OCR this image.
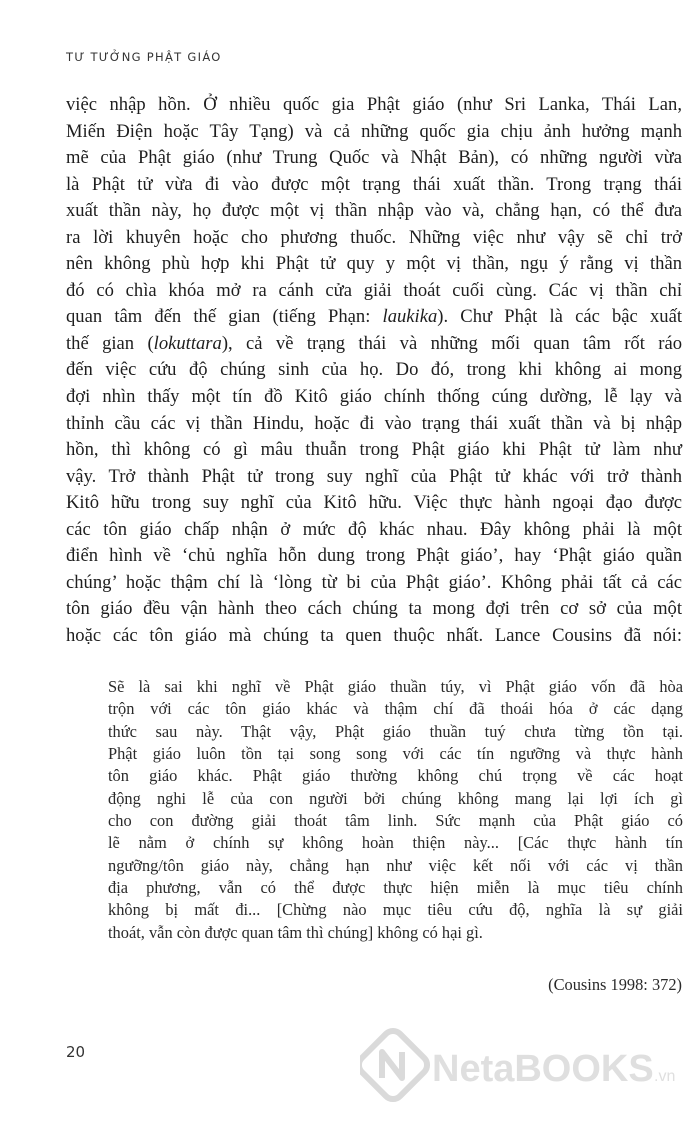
TƯ TƯỞNG PHẬT GIÁO
việc nhập hồn. Ở nhiều quốc gia Phật giáo (như Sri Lanka, Thái Lan,
Miến Điện hoặc Tây Tạng) và cả những quốc gia chịu ảnh hưởng mạnh
mẽ của Phật giáo (như Trung Quốc và Nhật Bản), có những người vừa
là Phật tử vừa đi vào được một trạng thái xuất thần. Trong trạng thái
xuất thần này, họ được một vị thần nhập vào và, chẳng hạn, có thể đưa
ra lời khuyên hoặc cho phương thuốc. Những việc như vậy sẽ chỉ trở
nên không phù hợp khi Phật tử quy y một vị thần, ngụ ý rằng vị thần
đó có chìa khóa mở ra cánh cửa giải thoát cuối cùng. Các vị thần chỉ
quan tâm đến thế gian (tiếng Phạn: laukika). Chư Phật là các bậc xuất
thế gian (lokuttara), cả về trạng thái và những mối quan tâm rốt ráo
đến việc cứu độ chúng sinh của họ. Do đó, trong khi không ai mong
đợi nhìn thấy một tín đồ Kitô giáo chính thống cúng dường, lễ lạy và
thỉnh cầu các vị thần Hindu, hoặc đi vào trạng thái xuất thần và bị nhập
hồn, thì không có gì mâu thuẫn trong Phật giáo khi Phật tử làm như
vậy. Trở thành Phật tử trong suy nghĩ của Phật tử khác với trở thành
Kitô hữu trong suy nghĩ của Kitô hữu. Việc thực hành ngoại đạo được
các tôn giáo chấp nhận ở mức độ khác nhau. Đây không phải là một
điển hình về ‘chủ nghĩa hỗn dung trong Phật giáo’, hay ‘Phật giáo quần
chúng’ hoặc thậm chí là ‘lòng từ bi của Phật giáo’. Không phải tất cả các
tôn giáo đều vận hành theo cách chúng ta mong đợi trên cơ sở của một
hoặc các tôn giáo mà chúng ta quen thuộc nhất. Lance Cousins đã nói:
Sẽ là sai khi nghĩ về Phật giáo thuần túy, vì Phật giáo vốn đã hòa
trộn với các tôn giáo khác và thậm chí đã thoái hóa ở các dạng
thức sau này. Thật vậy, Phật giáo thuần tuý chưa từng tồn tại.
Phật giáo luôn tồn tại song song với các tín ngưỡng và thực hành
tôn giáo khác. Phật giáo thường không chú trọng về các hoạt
động nghi lễ của con người bởi chúng không mang lại lợi ích gì
cho con đường giải thoát tâm linh. Sức mạnh của Phật giáo có
lẽ nằm ở chính sự không hoàn thiện này... [Các thực hành tín
ngưỡng/tôn giáo này, chẳng hạn như việc kết nối với các vị thần
địa phương, vẫn có thể được thực hiện miễn là mục tiêu chính
không bị mất đi... [Chừng nào mục tiêu cứu độ, nghĩa là sự giải
thoát, vẫn còn được quan tâm thì chúng] không có hại gì.
(Cousins 1998: 372)
20	NetaBOOKS .vn
